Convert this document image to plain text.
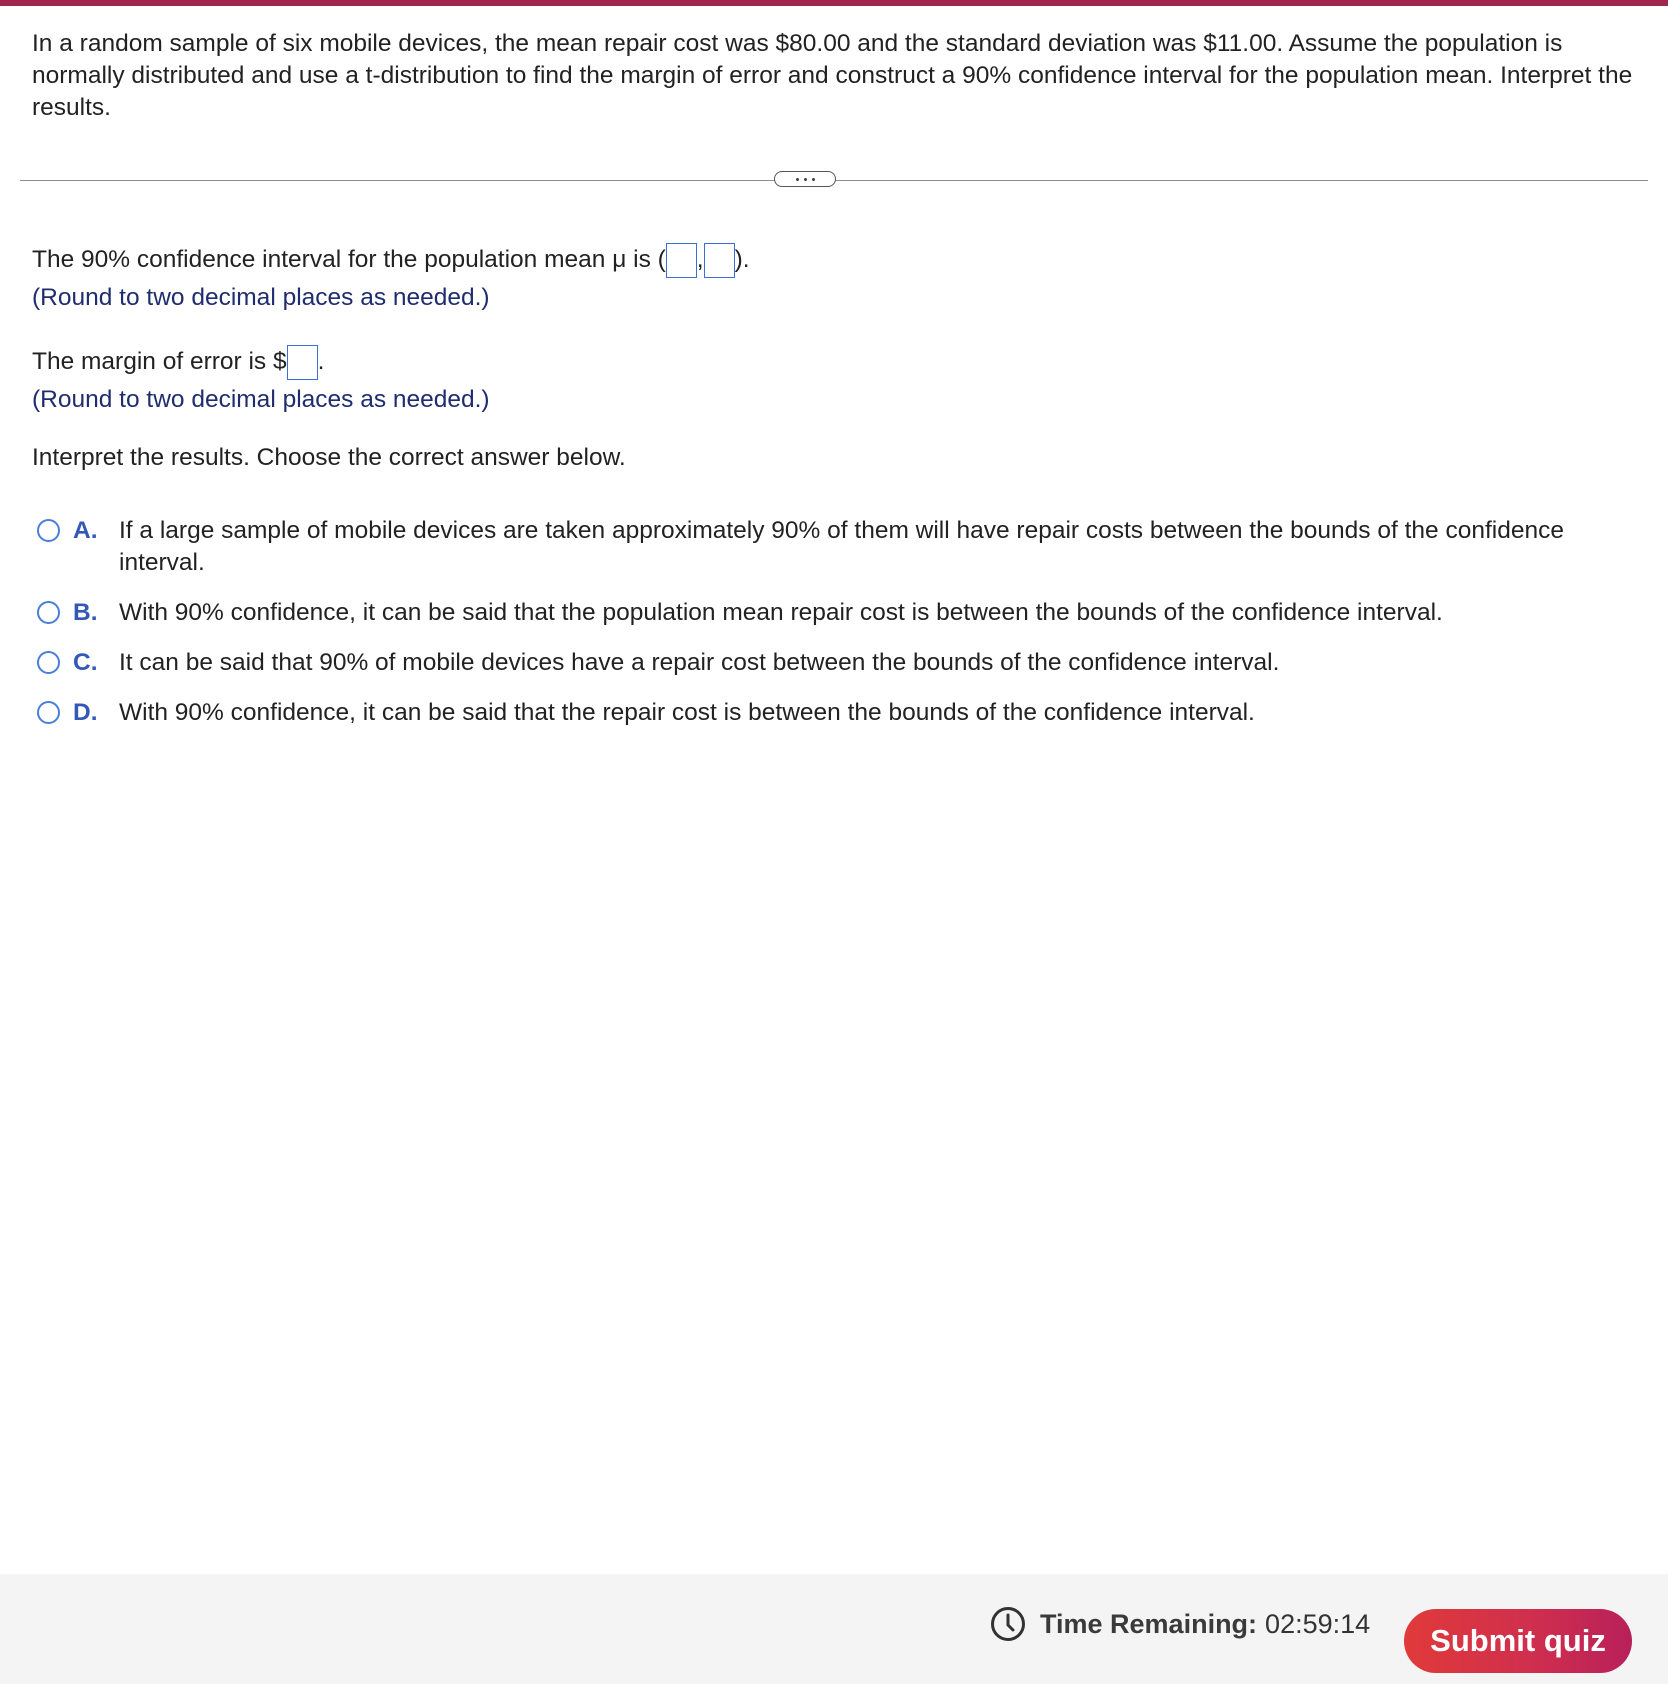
In a random sample of six mobile devices, the mean repair cost was $80.00 and the standard deviation was $11.00. Assume the population is normally distributed and use a t-distribution to find the margin of error and construct a 90% confidence interval for the population mean. Interpret the results.
The 90% confidence interval for the population mean μ is ( , ).
(Round to two decimal places as needed.)
The margin of error is $ .
(Round to two decimal places as needed.)
Interpret the results. Choose the correct answer below.
A. If a large sample of mobile devices are taken approximately 90% of them will have repair costs between the bounds of the confidence interval.
B. With 90% confidence, it can be said that the population mean repair cost is between the bounds of the confidence interval.
C. It can be said that 90% of mobile devices have a repair cost between the bounds of the confidence interval.
D. With 90% confidence, it can be said that the repair cost is between the bounds of the confidence interval.
Time Remaining: 02:59:14	Submit quiz
